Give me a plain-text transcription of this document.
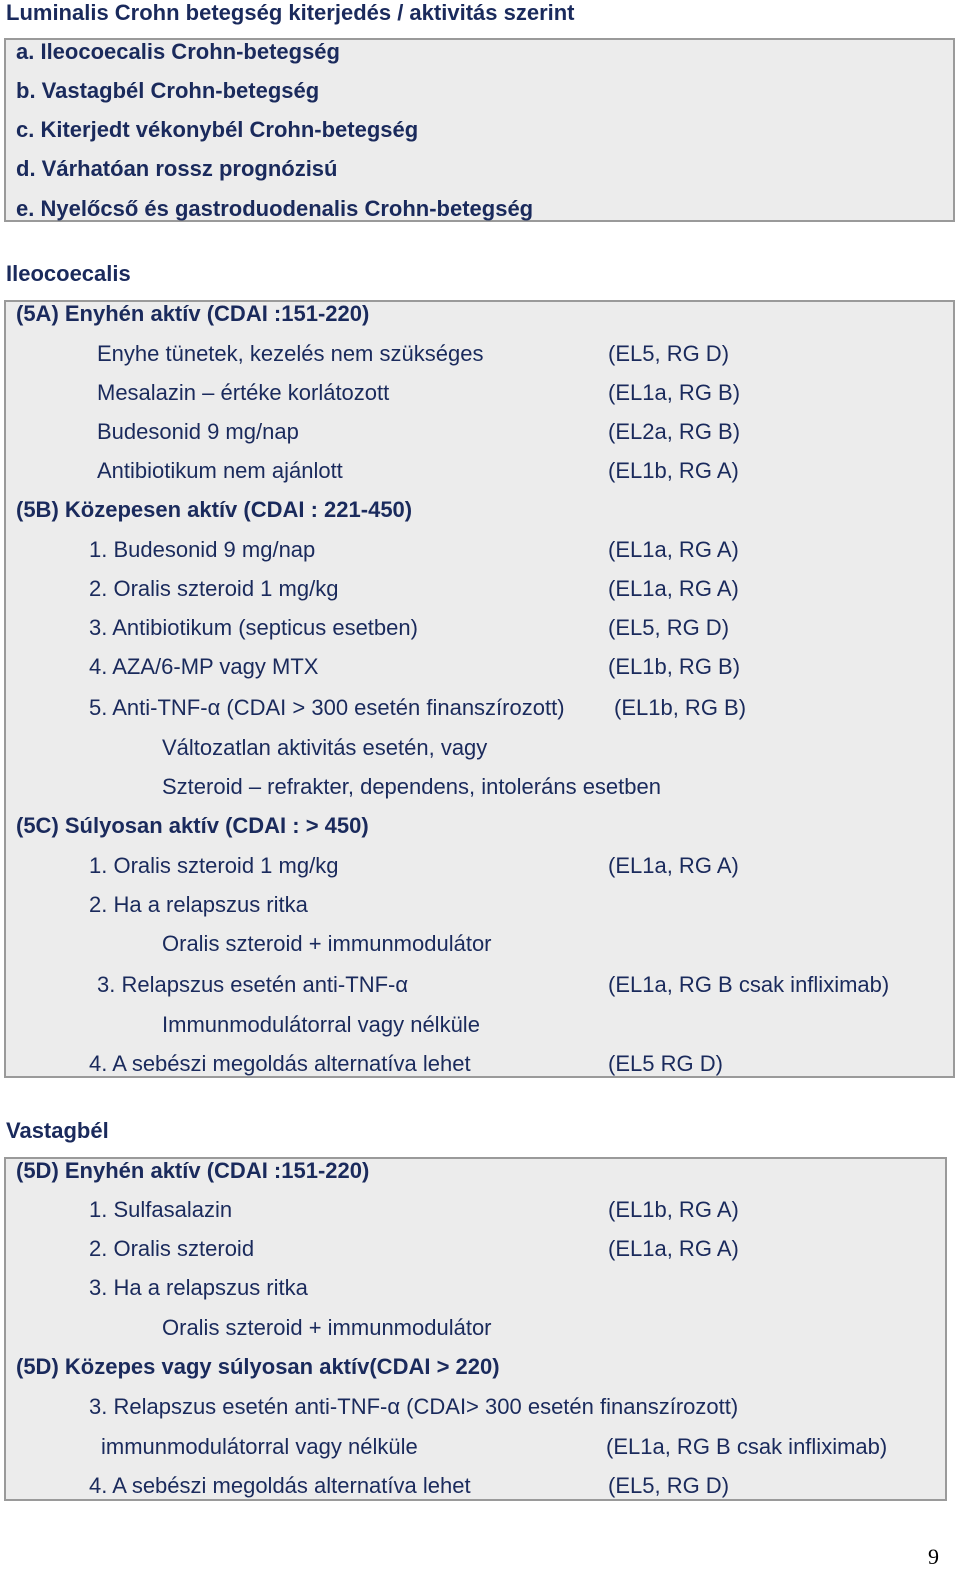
Luminalis Crohn betegség kiterjedés / aktivitás szerint
a. Ileocoecalis Crohn-betegség
b. Vastagbél Crohn-betegség
c. Kiterjedt vékonybél Crohn-betegség
d. Várhatóan rossz prognózisú
e. Nyelőcső és gastroduodenalis Crohn-betegség
Ileocoecalis
(5A) Enyhén aktív (CDAI :151-220)
Enyhe tünetek, kezelés nem szükséges	(EL5, RG D)
Mesalazin – értéke korlátozott	(EL1a, RG B)
Budesonid 9 mg/nap	(EL2a, RG B)
Antibiotikum nem ajánlott	(EL1b, RG A)
(5B) Közepesen aktív (CDAI : 221-450)
1. Budesonid 9 mg/nap	(EL1a, RG A)
2. Oralis szteroid 1 mg/kg	(EL1a, RG A)
3. Antibiotikum (septicus esetben)	(EL5, RG D)
4. AZA/6-MP vagy MTX	(EL1b, RG B)
5. Anti-TNF-α (CDAI > 300 esetén finanszírozott) (EL1b, RG B)
Változatlan aktivitás esetén, vagy
Szteroid – refrakter, dependens, intoleráns esetben
(5C) Súlyosan aktív (CDAI : > 450)
1. Oralis szteroid 1 mg/kg	(EL1a, RG A)
2. Ha a relapszus ritka
Oralis szteroid + immunmodulátor
3. Relapszus esetén anti-TNF-α	(EL1a, RG B csak infliximab)
Immunmodulátorral vagy nélküle
4. A sebészi megoldás alternatíva lehet	(EL5 RG D)
Vastagbél
(5D) Enyhén aktív (CDAI :151-220)
1. Sulfasalazin	(EL1b, RG A)
2. Oralis szteroid	(EL1a, RG A)
3. Ha a relapszus ritka
Oralis szteroid + immunmodulátor
(5D) Közepes vagy súlyosan aktív(CDAI > 220)
3. Relapszus esetén anti-TNF-α (CDAI> 300 esetén finanszírozott)
immunmodulátorral vagy nélküle	(EL1a, RG B csak infliximab)
4. A sebészi megoldás alternatíva lehet	(EL5, RG D)
9
